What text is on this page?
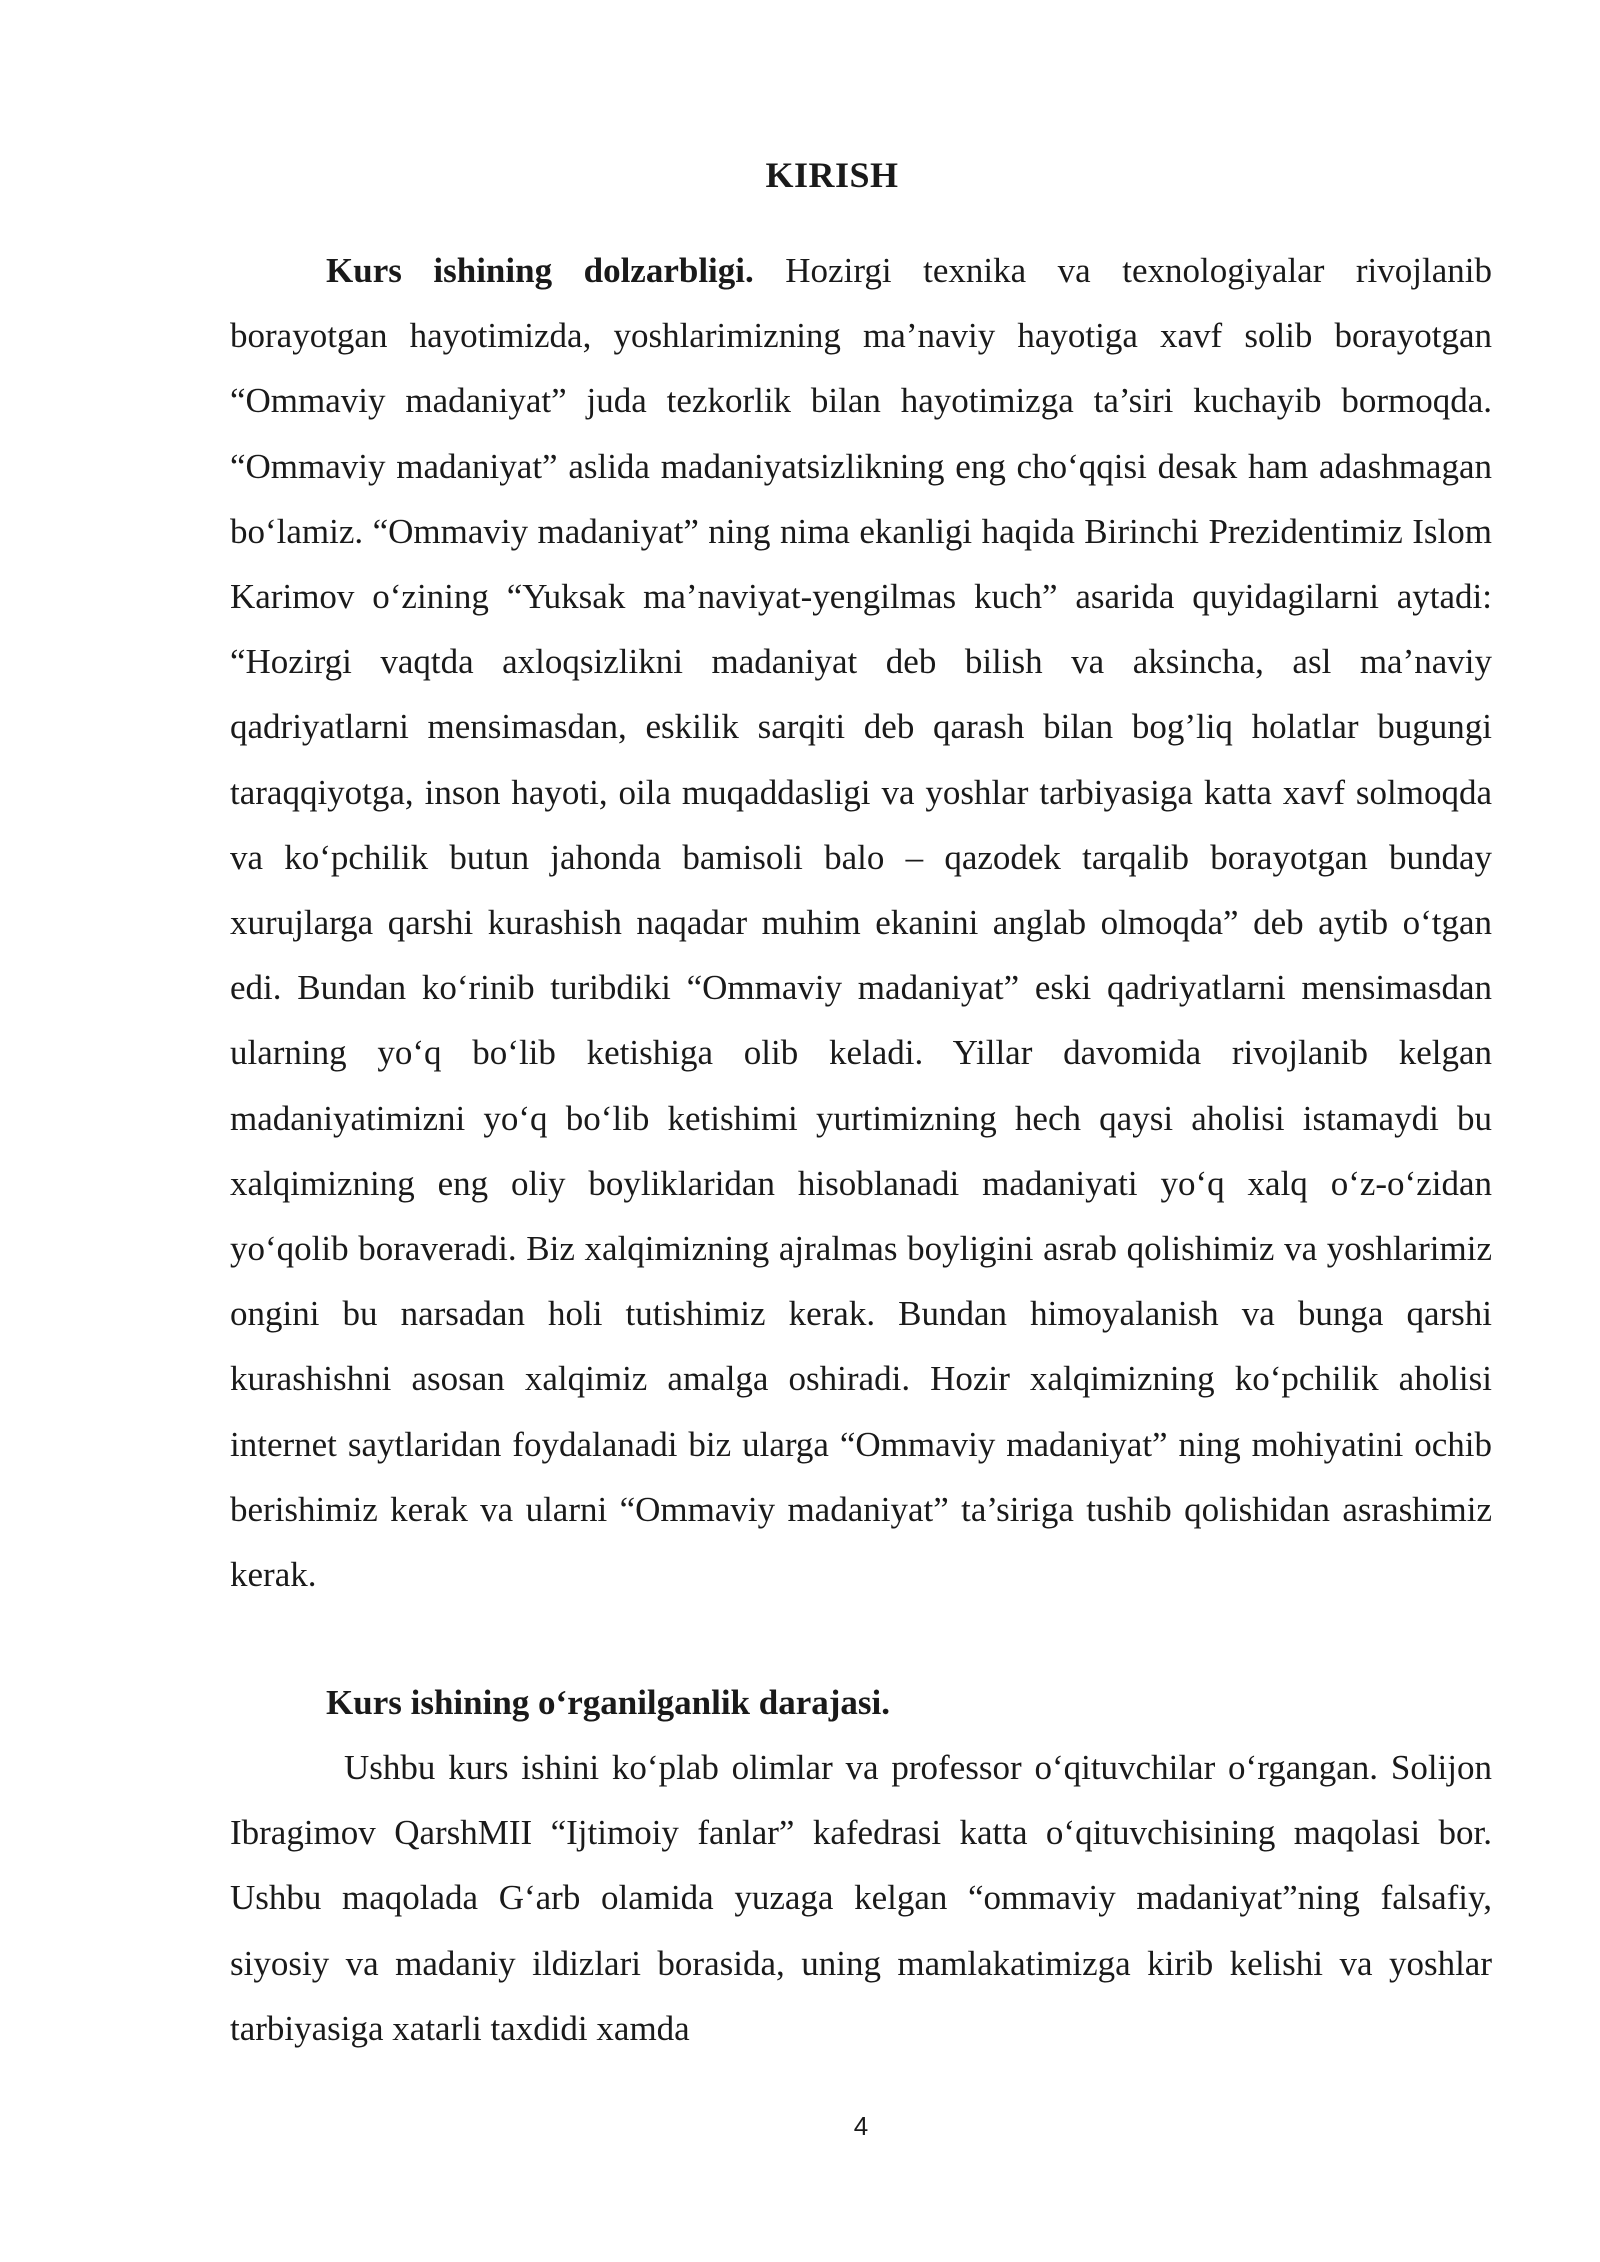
KIRISH

Kurs ishining dolzarbligi. Hozirgi texnika va texnologiyalar rivojlanib borayotgan hayotimizda, yoshlarimizning ma’naviy hayotiga xavf solib borayotgan “Ommaviy madaniyat” juda tezkorlik bilan hayotimizga ta’siri kuchayib bormoqda. “Ommaviy madaniyat” aslida madaniyatsizlikning eng cho‘qqisi desak ham adashmagan bo‘lamiz. “Ommaviy madaniyat” ning nima ekanligi haqida Birinchi Prezidentimiz Islom Karimov o‘zining “Yuksak ma’naviyat-yengilmas kuch” asarida quyidagilarni aytadi: “Hozirgi vaqtda axloqsizlikni madaniyat deb bilish va aksincha, asl ma’naviy qadriyatlarni mensimasdan, eskilik sarqiti deb qarash bilan bog’liq holatlar bugungi taraqqiyotga, inson hayoti, oila muqaddasligi va yoshlar tarbiyasiga katta xavf solmoqda va ko‘pchilik butun jahonda bamisoli balo – qazodek tarqalib borayotgan bunday xurujlarga qarshi kurashish naqadar muhim ekanini anglab olmoqda” deb aytib o‘tgan edi. Bundan ko‘rinib turibdiki “Ommaviy madaniyat” eski qadriyatlarni mensimasdan ularning yo‘q bo‘lib ketishiga olib keladi. Yillar davomida rivojlanib kelgan madaniyatimizni yo‘q bo‘lib ketishimi yurtimizning hech qaysi aholisi istamaydi bu xalqimizning eng oliy boyliklaridan hisoblanadi madaniyati yo‘q xalq o‘z-o‘zidan yo‘qolib boraveradi. Biz xalqimizning ajralmas boyligini asrab qolishimiz va yoshlarimiz ongini bu narsadan holi tutishimiz kerak. Bundan himoyalanish va bunga qarshi kurashishni asosan xalqimiz amalga oshiradi. Hozir xalqimizning ko‘pchilik aholisi internet saytlaridan foydalanadi biz ularga “Ommaviy madaniyat” ning mohiyatini ochib berishimiz kerak va ularni “Ommaviy madaniyat” ta’siriga tushib qolishidan asrashimiz kerak.

Kurs ishining o‘rganilganlik darajasi.

Ushbu kurs ishini ko‘plab olimlar va professor o‘qituvchilar o‘rgangan. Solijon Ibragimov QarshMII “Ijtimoiy fanlar” kafedrasi katta o‘qituvchisining maqolasi bor. Ushbu maqolada G‘arb olamida yuzaga kelgan “ommaviy madaniyat”ning falsafiy, siyosiy va madaniy ildizlari borasida, uning mamlakatimizga kirib kelishi va yoshlar tarbiyasiga xatarli taxdidi xamda

4
